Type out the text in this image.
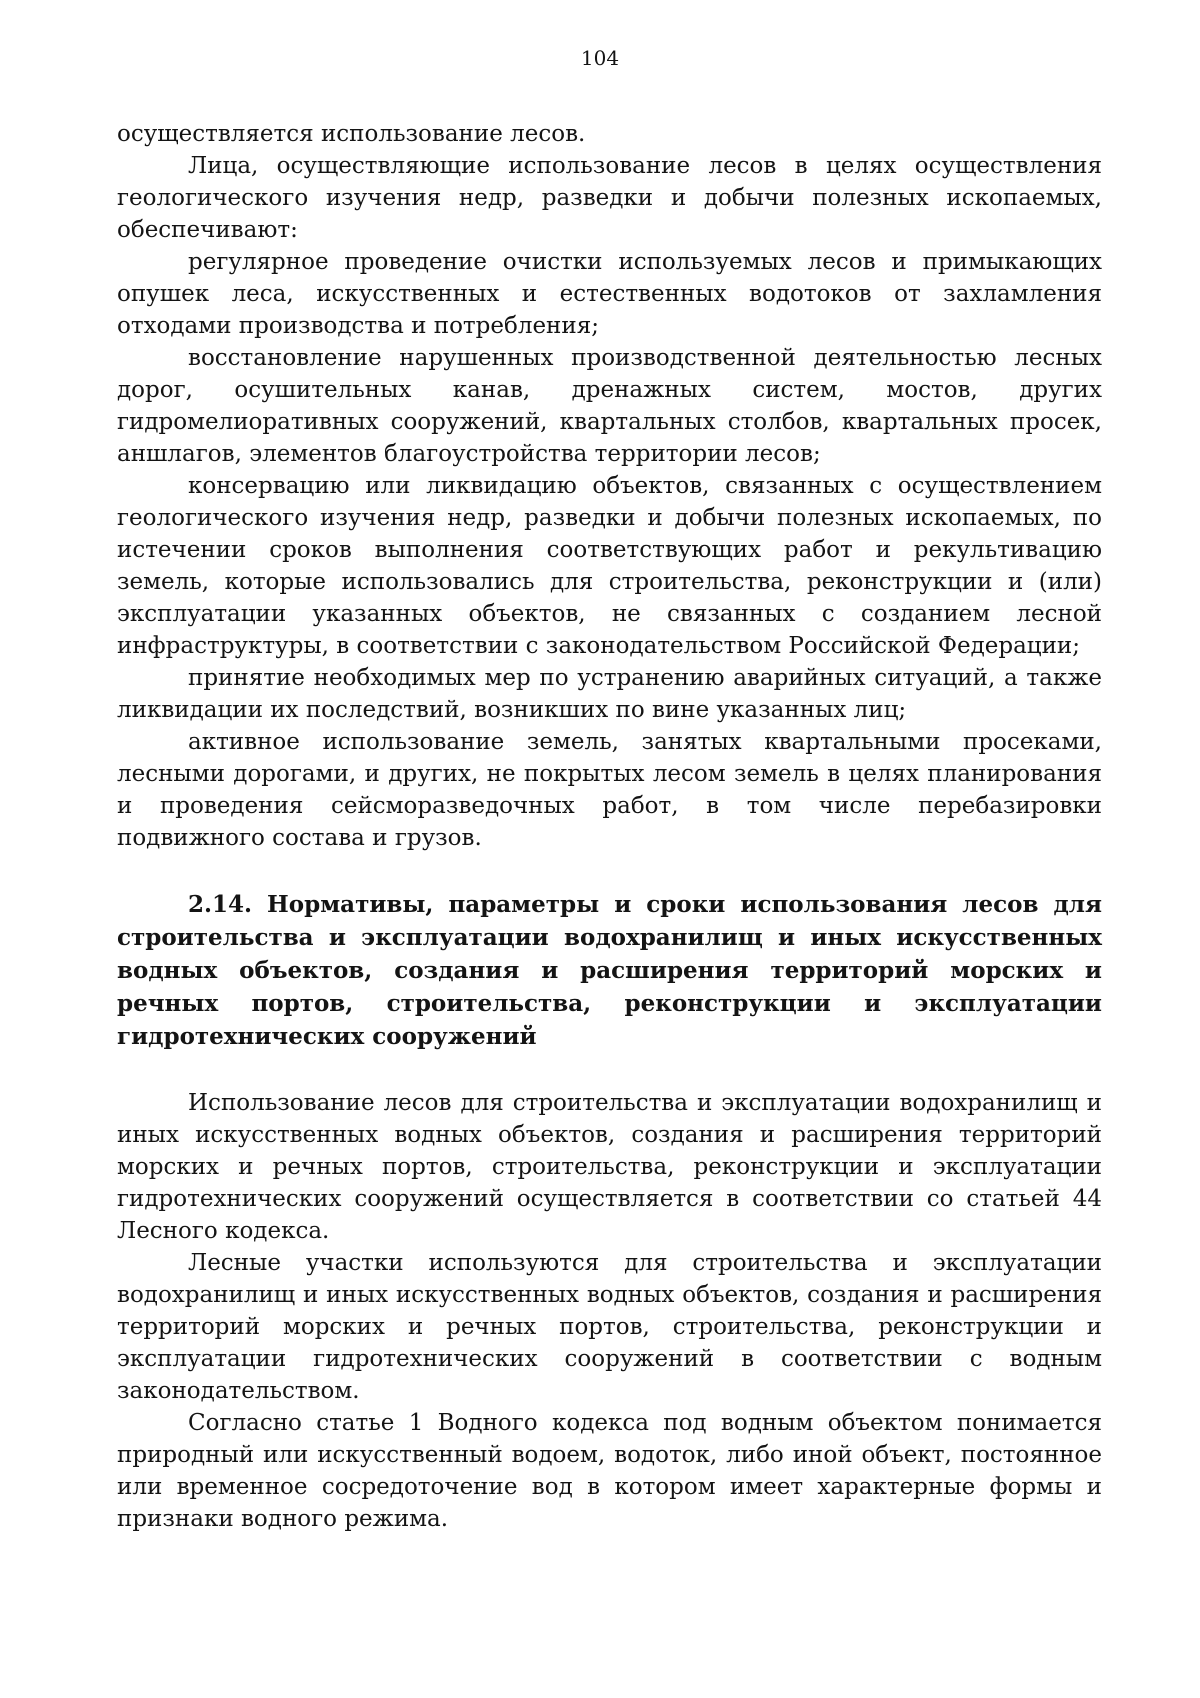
104

осуществляется использование лесов.

Лица, осуществляющие использование лесов в целях осуществления геологического изучения недр, разведки и добычи полезных ископаемых, обеспечивают:

регулярное проведение очистки используемых лесов и примыкающих опушек леса, искусственных и естественных водотоков от захламления отходами производства и потребления;

восстановление нарушенных производственной деятельностью лесных дорог, осушительных канав, дренажных систем, мостов, других гидромелиоративных сооружений, квартальных столбов, квартальных просек, аншлагов, элементов благоустройства территории лесов;

консервацию или ликвидацию объектов, связанных с осуществлением геологического изучения недр, разведки и добычи полезных ископаемых, по истечении сроков выполнения соответствующих работ и рекультивацию земель, которые использовались для строительства, реконструкции и (или) эксплуатации указанных объектов, не связанных с созданием лесной инфраструктуры, в соответствии с законодательством Российской Федерации;

принятие необходимых мер по устранению аварийных ситуаций, а также ликвидации их последствий, возникших по вине указанных лиц;

активное использование земель, занятых квартальными просеками, лесными дорогами, и других, не покрытых лесом земель в целях планирования и проведения сейсморазведочных работ, в том числе перебазировки подвижного состава и грузов.

2.14. Нормативы, параметры и сроки использования лесов для строительства и эксплуатации водохранилищ и иных искусственных водных объектов, создания и расширения территорий морских и речных портов, строительства, реконструкции и эксплуатации гидротехнических сооружений

Использование лесов для строительства и эксплуатации водохранилищ и иных искусственных водных объектов, создания и расширения территорий морских и речных портов, строительства, реконструкции и эксплуатации гидротехнических сооружений осуществляется в соответствии со статьей 44 Лесного кодекса.

Лесные участки используются для строительства и эксплуатации водохранилищ и иных искусственных водных объектов, создания и расширения территорий морских и речных портов, строительства, реконструкции и эксплуатации гидротехнических сооружений в соответствии с водным законодательством.

Согласно статье 1 Водного кодекса под водным объектом понимается природный или искусственный водоем, водоток, либо иной объект, постоянное или временное сосредоточение вод в котором имеет характерные формы и признаки водного режима.
